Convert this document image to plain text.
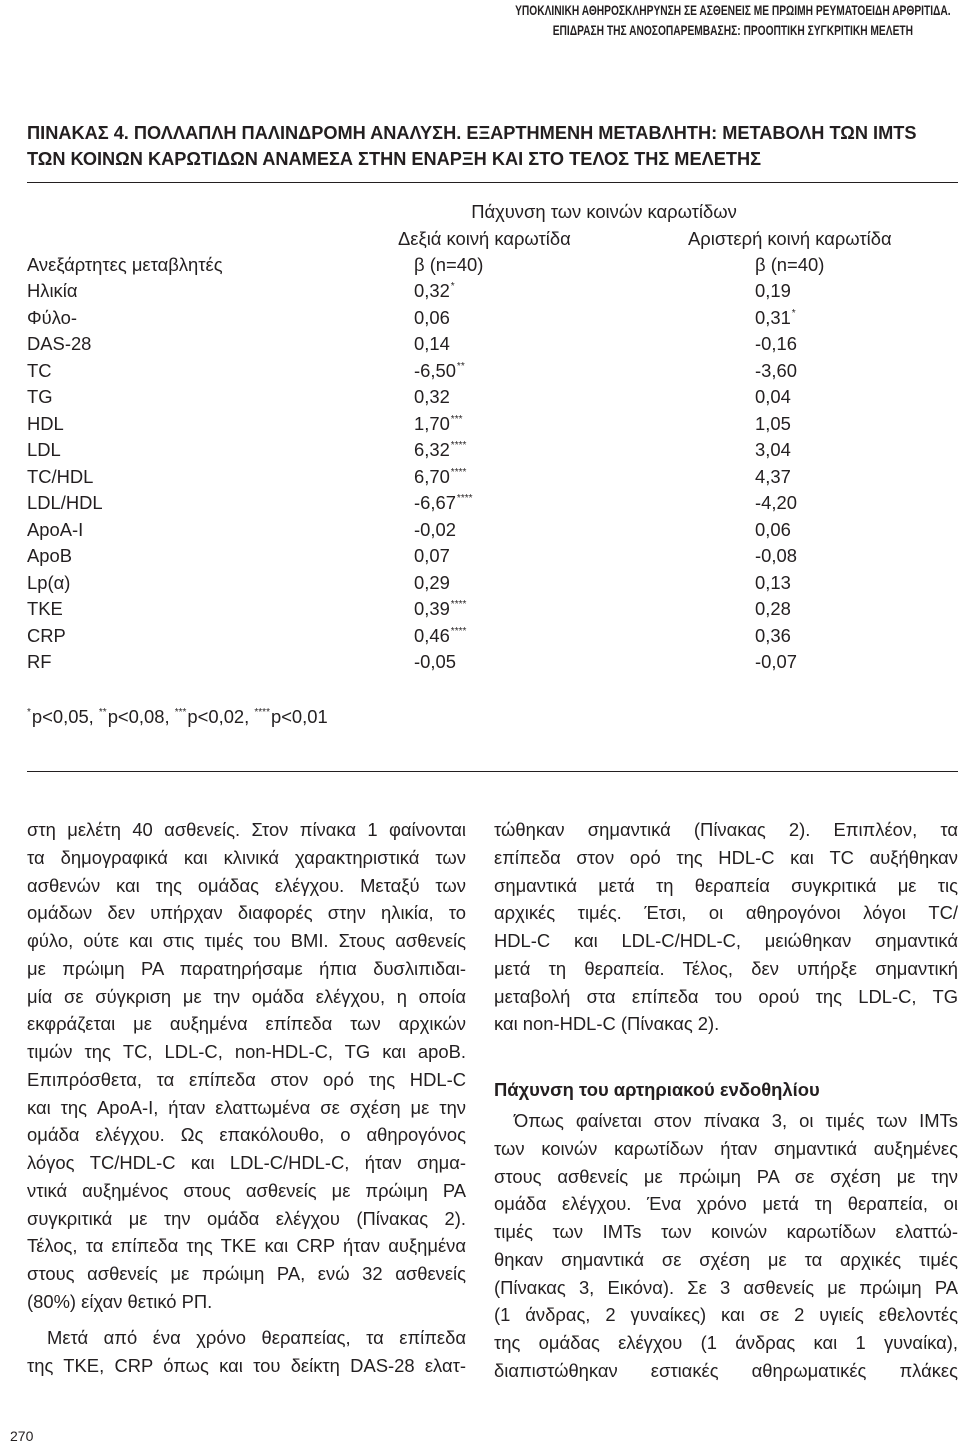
ΥΠΟΚΛΙΝΙΚΗ ΑΘΗΡΟΣΚΛΗΡΥΝΣΗ ΣΕ ΑΣΘΕΝΕΙΣ ΜΕ ΠΡΩΙΜΗ ΡΕΥΜΑΤΟΕΙΔΗ ΑΡΘΡΙΤΙΔΑ.
ΕΠΙΔΡΑΣΗ ΤΗΣ ΑΝΟΣΟΠΑΡΕΜΒΑΣΗΣ: ΠΡΟΟΠΤΙΚΗ ΣΥΓΚΡΙΤΙΚΗ ΜΕΛΕΤΗ
ΠΙΝΑΚΑΣ 4. ΠΟΛΛΑΠΛΗ ΠΑΛΙΝΔΡΟΜΗ ΑΝΑΛΥΣΗ. ΕΞΑΡΤΗΜΕΝΗ ΜΕΤΑΒΛΗΤΗ: ΜΕΤΑΒΟΛΗ ΤΩΝ IMTS
ΤΩΝ ΚΟΙΝΩΝ ΚΑΡΩΤΙΔΩΝ ΑΝΑΜΕΣΑ ΣΤΗΝ ΕΝΑΡΞΗ ΚΑΙ ΣΤΟ ΤΕΛΟΣ ΤΗΣ ΜΕΛΕΤΗΣ
Πάχυνση των κοινών καρωτίδων
Δεξιά κοινή καρωτίδα	Αριστερή κοινή καρωτίδα
Ανεξάρτητες μεταβλητές	β (n=40)	β (n=40)
Ηλικία	0,32*	0,19
Φύλο-	0,06	0,31*
DAS-28	0,14	-0,16
TC	-6,50**	-3,60
TG	0,32	0,04
HDL	1,70***	1,05
LDL	6,32****	3,04
TC/HDL	6,70****	4,37
LDL/HDL	-6,67****	-4,20
ApoA-I	-0,02	0,06
ApoB	0,07	-0,08
Lp(α)	0,29	0,13
TKE	0,39****	0,28
CRP	0,46****	0,36
RF	-0,05	-0,07
*p<0,05, **p<0,08, ***p<0,02, ****p<0,01
στη μελέτη 40 ασθενείς. Στον πίνακα 1 φαίνονται
τα δημογραφικά και κλινικά χαρακτηριστικά των
ασθενών και της ομάδας ελέγχου. Μεταξύ των
ομάδων δεν υπήρχαν διαφορές στην ηλικία, το
φύλο, ούτε και στις τιμές του BMI. Στους ασθενείς
με πρώιμη ΡΑ παρατηρήσαμε ήπια δυσλιπιδαι-
μία σε σύγκριση με την ομάδα ελέγχου, η οποία
εκφράζεται με αυξημένα επίπεδα των αρχικών
τιμών της TC, LDL-C, non-HDL-C, TG και apoB.
Επιπρόσθετα, τα επίπεδα στον ορό της HDL-C
και της ApoA-I, ήταν ελαττωμένα σε σχέση με την
ομάδα ελέγχου. Ως επακόλουθο, ο αθηρογόνος
λόγος TC/HDL-C και LDL-C/HDL-C, ήταν σημα-
ντικά αυξημένος στους ασθενείς με πρώιμη ΡΑ
συγκριτικά με την ομάδα ελέγχου (Πίνακας 2).
Τέλος, τα επίπεδα της ΤΚΕ και CRP ήταν αυξημένα
στους ασθενείς με πρώιμη ΡΑ, ενώ 32 ασθενείς
(80%) είχαν θετικό ΡΠ.
Μετά από ένα χρόνο θεραπείας, τα επίπεδα
της ΤΚΕ, CRP όπως και του δείκτη DAS-28 ελατ-
τώθηκαν σημαντικά (Πίνακας 2). Επιπλέον, τα
επίπεδα στον ορό της HDL-C και TC αυξήθηκαν
σημαντικά μετά τη θεραπεία συγκριτικά με τις
αρχικές τιμές. Έτσι, οι αθηρογόνοι λόγοι TC/
HDL-C και LDL-C/HDL-C, μειώθηκαν σημαντικά
μετά τη θεραπεία. Τέλος, δεν υπήρξε σημαντική
μεταβολή στα επίπεδα του ορού της LDL-C, TG
και non-HDL-C (Πίνακας 2).
Πάχυνση του αρτηριακού ενδοθηλίου
Όπως φαίνεται στον πίνακα 3, οι τιμές των IMTs
των κοινών καρωτίδων ήταν σημαντικά αυξημένες
στους ασθενείς με πρώιμη ΡΑ σε σχέση με την
ομάδα ελέγχου. Ένα χρόνο μετά τη θεραπεία, οι
τιμές των IMTs των κοινών καρωτίδων ελαττώ-
θηκαν σημαντικά σε σχέση με τα αρχικές τιμές
(Πίνακας 3, Εικόνα). Σε 3 ασθενείς με πρώιμη ΡΑ
(1 άνδρας, 2 γυναίκες) και σε 2 υγιείς εθελοντές
της ομάδας ελέγχου (1 άνδρας και 1 γυναίκα),
διαπιστώθηκαν εστιακές αθηρωματικές πλάκες
270
